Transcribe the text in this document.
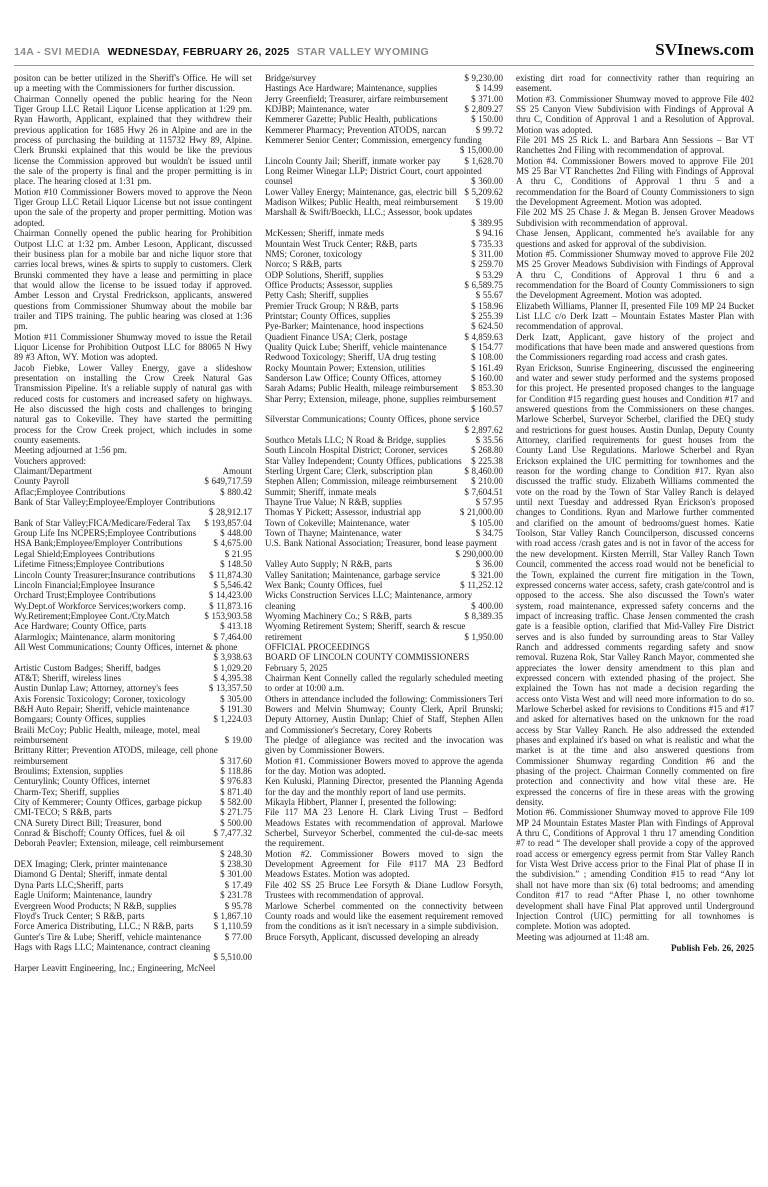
14A - SVI MEDIA WEDNESDAY, FEBRUARY 26, 2025 STAR VALLEY WYOMING	SVInews.com
positon can be better utilized in the Sheriff's Office. He will set up a meeting with the Commissioners for further discussion.
Chairman Connelly opened the public hearing for the Neon Tiger Group LLC Retail Liquor License application at 1:29 pm. Ryan Haworth, Applicant, explained that they withdrew their previous application for 1685 Hwy 26 in Alpine and are in the process of purchasing the building at 115732 Hwy 89, Alpine. Clerk Brunski explained that this would be like the previous license the Commission approved but wouldn't be issued until the sale of the property is final and the proper permitting is in place. The hearing closed at 1:31 pm.
Motion #10 Commissioner Bowers moved to approve the Neon Tiger Group LLC Retail Liquor License but not issue contingent upon the sale of the property and proper permitting. Motion was adopted.
Chairman Connelly opened the public hearing for Prohibition Outpost LLC at 1:32 pm. Amber Lesoon, Applicant, discussed their business plan for a mobile bar and niche liquor store that carries local brews, wines & spirts to supply to customers. Clerk Brunski commented they have a lease and permitting in place that would allow the license to be issued today if approved. Amber Lesson and Crystal Fredrickson, applicants, answered questions from Commissioner Shumway about the mobile bar trailer and TIPS training. The public hearing was closed at 1:36 pm.
Motion #11 Commissioner Shumway moved to issue the Retail Liquor License for Prohibition Outpost LLC for 88065 N Hwy 89 #3 Afton, WY. Motion was adopted.
Jacob Fiebke, Lower Valley Energy, gave a slideshow presentation on installing the Crow Creek Natural Gas Transmission Pipeline. It's a reliable supply of natural gas with reduced costs for customers and increased safety on highways. He also discussed the high costs and challenges to bringing natural gas to Cokeville. They have started the permitting process for the Crow Creek project, which includes in some county easements.
Meeting adjourned at 1:56 pm.
Vouchers approved:
Claimant/Department	Amount
County Payroll	$ 649,717.59
Aflac;Employee Contributions	$ 880.42
Bank of Star Valley;Employee/Employer Contributions
$ 28,912.17
Bank of Star Valley;FICA/Medicare/Federal Tax	$ 193,857.04
Group Life Ins NCPERS;Employee Contributions	$ 448.00
HSA Bank;Employee/Employer Contributions	$ 4,675.00
Legal Shield;Employees Contributions	$ 21.95
Lifetime Fitness;Employee Contributions	$ 148.50
Lincoln County Treasurer;Insurance contributions	$ 11,874.30
Lincoln Financial;Employee Insurance	$ 5,546.42
Orchard Trust;Employee Contributions	$ 14,423.00
Wy.Dept.of Workforce Services;workers comp.	$ 11,873.16
Wy.Retirement;Employee Cont./Cty.Match	$ 153,903.58
Ace Hardware; County Office, parts	$ 413.18
Alarmlogix; Maintenance, alarm monitoring	$ 7,464.00
All West Communications; County Offices, internet & phone
$ 3,938.63
Artistic Custom Badges; Sheriff, badges	$ 1,029.20
AT&T; Sheriff, wireless lines	$ 4,395.38
Austin Dunlap Law; Attorney, attorney's fees	$ 13,357.50
Axis Forensic Toxicology; Coroner, toxicology	$ 305.00
B&H Auto Repair; Sheriff, vehicle maintenance	$ 191.30
Bomgaars; County Offices, supplies	$ 1,224.03
Braili McCoy; Public Health, mileage, motel, meal reimbursement	$ 19.00
Brittany Ritter; Prevention ATODS, mileage, cell phone reimbursement	$ 317.60
Broulims; Extension, supplies	$ 118.86
Centurylink; County Offices, internet	$ 976.83
Charm-Tex; Sheriff, supplies	$ 871.40
City of Kemmerer; County Offices, garbage pickup	$ 582.00
CMI-TECO; S R&B, parts	$ 271.75
CNA Surety Direct Bill; Treasurer, bond	$ 500.00
Conrad & Bischoff; County Offices, fuel & oil	$ 7,477.32
Deborah Peavler; Extension, mileage, cell reimbursement
$ 248.30
DEX Imaging; Clerk, printer maintenance	$ 238.30
Diamond G Dental; Sheriff, inmate dental	$ 301.00
Dyna Parts LLC;Sheriff, parts	$ 17.49
Eagle Uniform; Maintenance, laundry	$ 231.78
Evergreen Wood Products; N R&B, supplies	$ 95.78
Floyd's Truck Center; S R&B, parts	$ 1,867.10
Force America Distributing, LLC.; N R&B, parts	$ 1,110.59
Gunter's Tire & Lube; Sheriff, vehicle maintenance	$ 77.00
Hags with Rags LLC; Maintenance, contract cleaning
$ 5,510.00
Harper Leavitt Engineering, Inc.; Engineering, McNeel
Bridge/survey	$ 9,230.00
Hastings Ace Hardware; Maintenance, supplies	$ 14.99
Jerry Greenfield; Treasurer, airfare reimbursement	$ 371.00
KDJBP; Maintenance, water	$ 2,809.27
Kemmerer Gazette; Public Health, publications	$ 150.00
Kemmerer Pharmacy; Prevention ATODS, narcan	$ 99.72
Kemmerer Senior Center; Commission, emergency funding
$ 15,000.00
Lincoln County Jail; Sheriff, inmate worker pay	$ 1,628.70
Long Reimer Winegar LLP; District Court, court appointed counsel	$ 360.00
Lower Valley Energy; Maintenance, gas, electric bill $ 5,209.62
Madison Wilkes; Public Health, meal reimbursement	$ 19.00
Marshall & Swift/Boeckh, LLC.; Assessor, book updates
$ 389.95
McKessen; Sheriff, inmate meds	$ 94.16
Mountain West Truck Center; R&B, parts	$ 735.33
NMS; Coroner, toxicology	$ 311.00
Norco; S R&B, parts	$ 259.70
ODP Solutions, Sheriff, supplies	$ 53.29
Office Products; Assessor, supplies	$ 6,589.75
Petty Cash; Sheriff, supplies	$ 55.67
Premier Truck Group; N R&B, parts	$ 158.96
Printstar; County Offices, supplies	$ 255.39
Pye-Barker; Maintenance, hood inspections	$ 624.50
Quadient Finance USA; Clerk, postage	$ 4,859.63
Quality Quick Lube; Sheriff, vehicle maintenance	$ 154.77
Redwood Toxicology; Sheriff, UA drug testing	$ 108.00
Rocky Mountain Power; Extension, utilities	$ 161.49
Sanderson Law Office; County Offices, attorney	$ 160.00
Sarah Adams; Public Health, mileage reimbursement	$ 853.30
Shar Perry; Extension, mileage, phone, supplies reimbursement
$ 160.57
Silverstar Communications; County Offices, phone service
$ 2,897.62
Southco Metals LLC; N Road & Bridge, supplies	$ 35.56
South Lincoln Hospital District; Coroner, services	$ 268.80
Star Valley Independent; County Offices, publications	$ 225.38
Sterling Urgent Care; Clerk, subscription plan	$ 8,460.00
Stephen Allen; Commission, mileage reimbursement	$ 210.00
Summit; Sheriff, inmate meals	$ 7,604.51
Thayne True Value; N R&B, supplies	$ 57.95
Thomas Y Pickett; Assessor, industrial app	$ 21,000.00
Town of Cokeville; Maintenance, water	$ 105.00
Town of Thayne; Maintenance, water	$ 34.75
U.S. Bank National Association; Treasurer, bond lease payment
$ 290,000.00
Valley Auto Supply; N R&B, parts	$ 36.00
Valley Sanitation; Maintenance, garbage service	$ 321.00
Wex Bank; County Offices, fuel	$ 11,252.12
Wicks Construction Services LLC; Maintenance, armory cleaning	$ 400.00
Wyoming Machinery Co.; S R&B, parts	$ 8,389.35
Wyoming Retirement System; Sheriff, search & rescue retirement	$ 1,950.00
OFFICIAL PROCEEDINGS
BOARD OF LINCOLN COUNTY COMMISSIONERS
February 5, 2025
Chairman Kent Connelly called the regularly scheduled meeting to order at 10:00 a.m.
Others in attendance included the following: Commissioners Teri Bowers and Melvin Shumway; County Clerk, April Brunski; Deputy Attorney, Austin Dunlap; Chief of Staff, Stephen Allen and Commissioner's Secretary, Corey Roberts
The pledge of allegiance was recited and the invocation was given by Commissioner Bowers.
Motion #1. Commissioner Bowers moved to approve the agenda for the day. Motion was adopted.
Ken Kuluski, Planning Director, presented the Planning Agenda for the day and the monthly report of land use permits.
Mikayla Hibbert, Planner I, presented the following:
File 117 MA 23 Lenore H. Clark Living Trust – Bedford Meadows Estates with recommendation of approval. Marlowe Scherbel, Surveyor Scherbel, commented the cul-de-sac meets the requirement.
Motion #2. Commissioner Bowers moved to sign the Development Agreement for File #117 MA 23 Bedford Meadows Estates. Motion was adopted.
File 402 SS 25 Bruce Lee Forsyth & Diane Ludlow Forsyth, Trustees with recommendation of approval.
Marlowe Scherbel commented on the connectivity between County roads and would like the easement requirement removed from the conditions as it isn't necessary in a simple subdivision.
Bruce Forsyth, Applicant, discussed developing an already
existing dirt road for connectivity rather than requiring an easement.
Motion #3. Commissioner Shumway moved to approve File 402 SS 25 Canyon View Subdivision with Findings of Approval A thru C, Condition of Approval 1 and a Resolution of Approval. Motion was adopted.
File 201 MS 25 Rick L. and Barbara Ann Sessions – Bar VT Ranchettes 2nd Filing with recommendation of approval.
Motion #4. Commissioner Bowers moved to approve File 201 MS 25 Bar VT Ranchettes 2nd Filing with Findings of Approval A thru C, Conditions of Approval 1 thru 5 and a recommendation for the Board of County Commissioners to sign the Development Agreement. Motion was adopted.
File 202 MS 25 Chase J. & Megan B. Jensen Grover Meadows Subdivision with recommendation of approval.
Chase Jensen, Applicant, commented he's available for any questions and asked for approval of the subdivision.
Motion #5. Commissioner Shumway moved to approve File 202 MS 25 Grover Meadows Subdivision with Findings of Approval A thru C, Conditions of Approval 1 thru 6 and a recommendation for the Board of County Commissioners to sign the Development Agreement. Motion was adopted.
Elizabeth Williams, Planner II, presented File 109 MP 24 Bucket List LLC c/o Derk Izatt – Mountain Estates Master Plan with recommendation of approval.
Derk Izatt, Applicant, gave history of the project and modifications that have been made and answered questions from the Commissioners regarding road access and crash gates.
Ryan Erickson, Sunrise Engineering, discussed the engineering and water and sewer study performed and the systems proposed for this project. He presented proposed changes to the language for Condition #15 regarding guest houses and Condition #17 and answered questions from the Commissioners on these changes. Marlowe Scherbel, Surveyor Scherbel, clarified the DEQ study and restrictions for guest houses. Austin Dunlap, Deputy County Attorney, clarified requirements for guest houses from the County Land Use Regulations. Marlowe Scherbel and Ryan Erickson explained the UIC permitting for townhomes and the reason for the wording change to Condition #17. Ryan also discussed the traffic study. Elizabeth Williams commented the vote on the road by the Town of Star Valley Ranch is delayed until next Tuesday and addressed Ryan Erickson's proposed changes to Conditions. Ryan and Marlowe further commented and clarified on the amount of bedrooms/guest homes. Katie Toolson, Star Valley Ranch Councilperson, discussed concerns with road access /crash gates and is not in favor of the access for the new development. Kirsten Merrill, Star Valley Ranch Town Council, commented the access road would not be beneficial to the Town, explained the current fire mitigation in the Town, expressed concerns water access, safety, crash gate/control and is opposed to the access. She also discussed the Town's water system, road maintenance, expressed safety concerns and the impact of increasing traffic. Chase Jensen commented the crash gate is a feasible option, clarified that Mid-Valley Fire District serves and is also funded by surrounding areas to Star Valley Ranch and addressed comments regarding safety and snow removal. Ruzena Rok, Star Valley Ranch Mayor, commented she appreciates the lower density amendment to this plan and expressed concern with extended phasing of the project. She explained the Town has not made a decision regarding the access onto Vista West and will need more information to do so. Marlowe Scherbel asked for revisions to Conditions #15 and #17 and asked for alternatives based on the unknown for the road access by Star Valley Ranch. He also addressed the extended phases and explained it's based on what is realistic and what the market is at the time and also answered questions from Commissioner Shumway regarding Condition #6 and the phasing of the project. Chairman Connelly commented on fire protection and connectivity and how vital these are. He expressed the concerns of fire in these areas with the growing density.
Motion #6. Commissioner Shumway moved to approve File 109 MP 24 Mountain Estates Master Plan with Findings of Approval A thru C, Conditions of Approval 1 thru 17 amending Condition #7 to read “ The developer shall provide a copy of the approved road access or emergency egress permit from Star Valley Ranch for Vista West Drive access prior to the Final Plat of phase II in the subdivision.” ; amending Condition #15 to read “Any lot shall not have more than six (6) total bedrooms; and amending Conditon #17 to read “After Phase I, no other townhome development shall have Final Plat approved until Underground Injection Control (UIC) permitting for all townhomes is complete. Motion was adopted.
Meeting was adjourned at 11:48 am.
Publish Feb. 26, 2025
